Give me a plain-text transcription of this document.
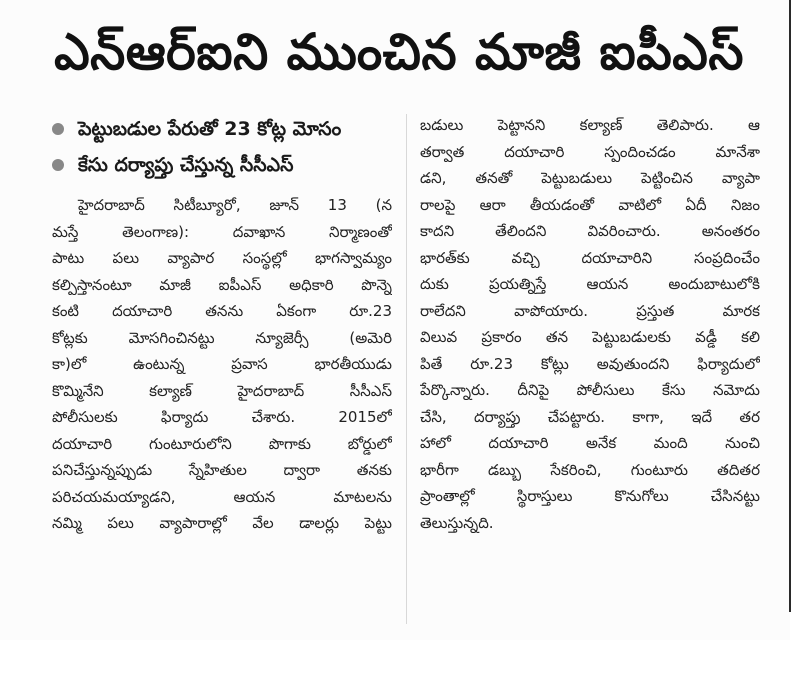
ఎన్ఆర్ఐని ముంచిన మాజీ ఐపీఎస్
పెట్టుబడుల పేరుతో 23 కోట్ల మోసం
కేసు దర్యాప్తు చేస్తున్న సీసీఎస్
హైదరాబాద్ సిటీబ్యూరో, జూన్ 13 (న
మస్తే తెలంగాణ): దవాఖాన నిర్మాణంతో
పాటు పలు వ్యాపార సంస్థల్లో భాగస్వామ్యం
కల్పిస్తానంటూ మాజీ ఐపీఎస్ అధికారి పొన్నె
కంటి దయాచారి తనను ఏకంగా రూ.23
కోట్లకు మోసగించినట్టు న్యూజెర్సీ (అమెరి
కా)లో ఉంటున్న ప్రవాస భారతీయుడు
కొమ్మినేని కల్యాణ్ హైదరాబాద్ సీసీఎస్
పోలీసులకు ఫిర్యాదు చేశారు. 2015లో
దయాచారి గుంటూరులోని పొగాకు బోర్డులో
పనిచేస్తున్నప్పుడు స్నేహితుల ద్వారా తనకు
పరిచయమయ్యాడని, ఆయన మాటలను
నమ్మి పలు వ్యాపారాల్లో వేల డాలర్లు పెట్టు
బడులు పెట్టానని కల్యాణ్ తెలిపారు. ఆ
తర్వాత దయాచారి స్పందించడం మానేశా
డని, తనతో పెట్టుబడులు పెట్టించిన వ్యాపా
రాలపై ఆరా తీయడంతో వాటిలో ఏదీ నిజం
కాదని తేలిందని వివరించారు. అనంతరం
భారత్‌కు వచ్చి దయాచారిని సంప్రదించేం
దుకు ప్రయత్నిస్తే ఆయన అందుబాటులోకి
రాలేదని వాపోయారు. ప్రస్తుత మారక
విలువ ప్రకారం తన పెట్టుబడులకు వడ్డీ కలి
పితే రూ.23 కోట్లు అవుతుందని ఫిర్యాదులో
పేర్కొన్నారు. దీనిపై పోలీసులు కేసు నమోదు
చేసి, దర్యాప్తు చేపట్టారు. కాగా, ఇదే తర
హాలో దయాచారి అనేక మంది నుంచి
భారీగా డబ్బు సేకరించి, గుంటూరు తదితర
ప్రాంతాల్లో స్థిరాస్తులు కొనుగోలు చేసినట్టు
తెలుస్తున్నది.
